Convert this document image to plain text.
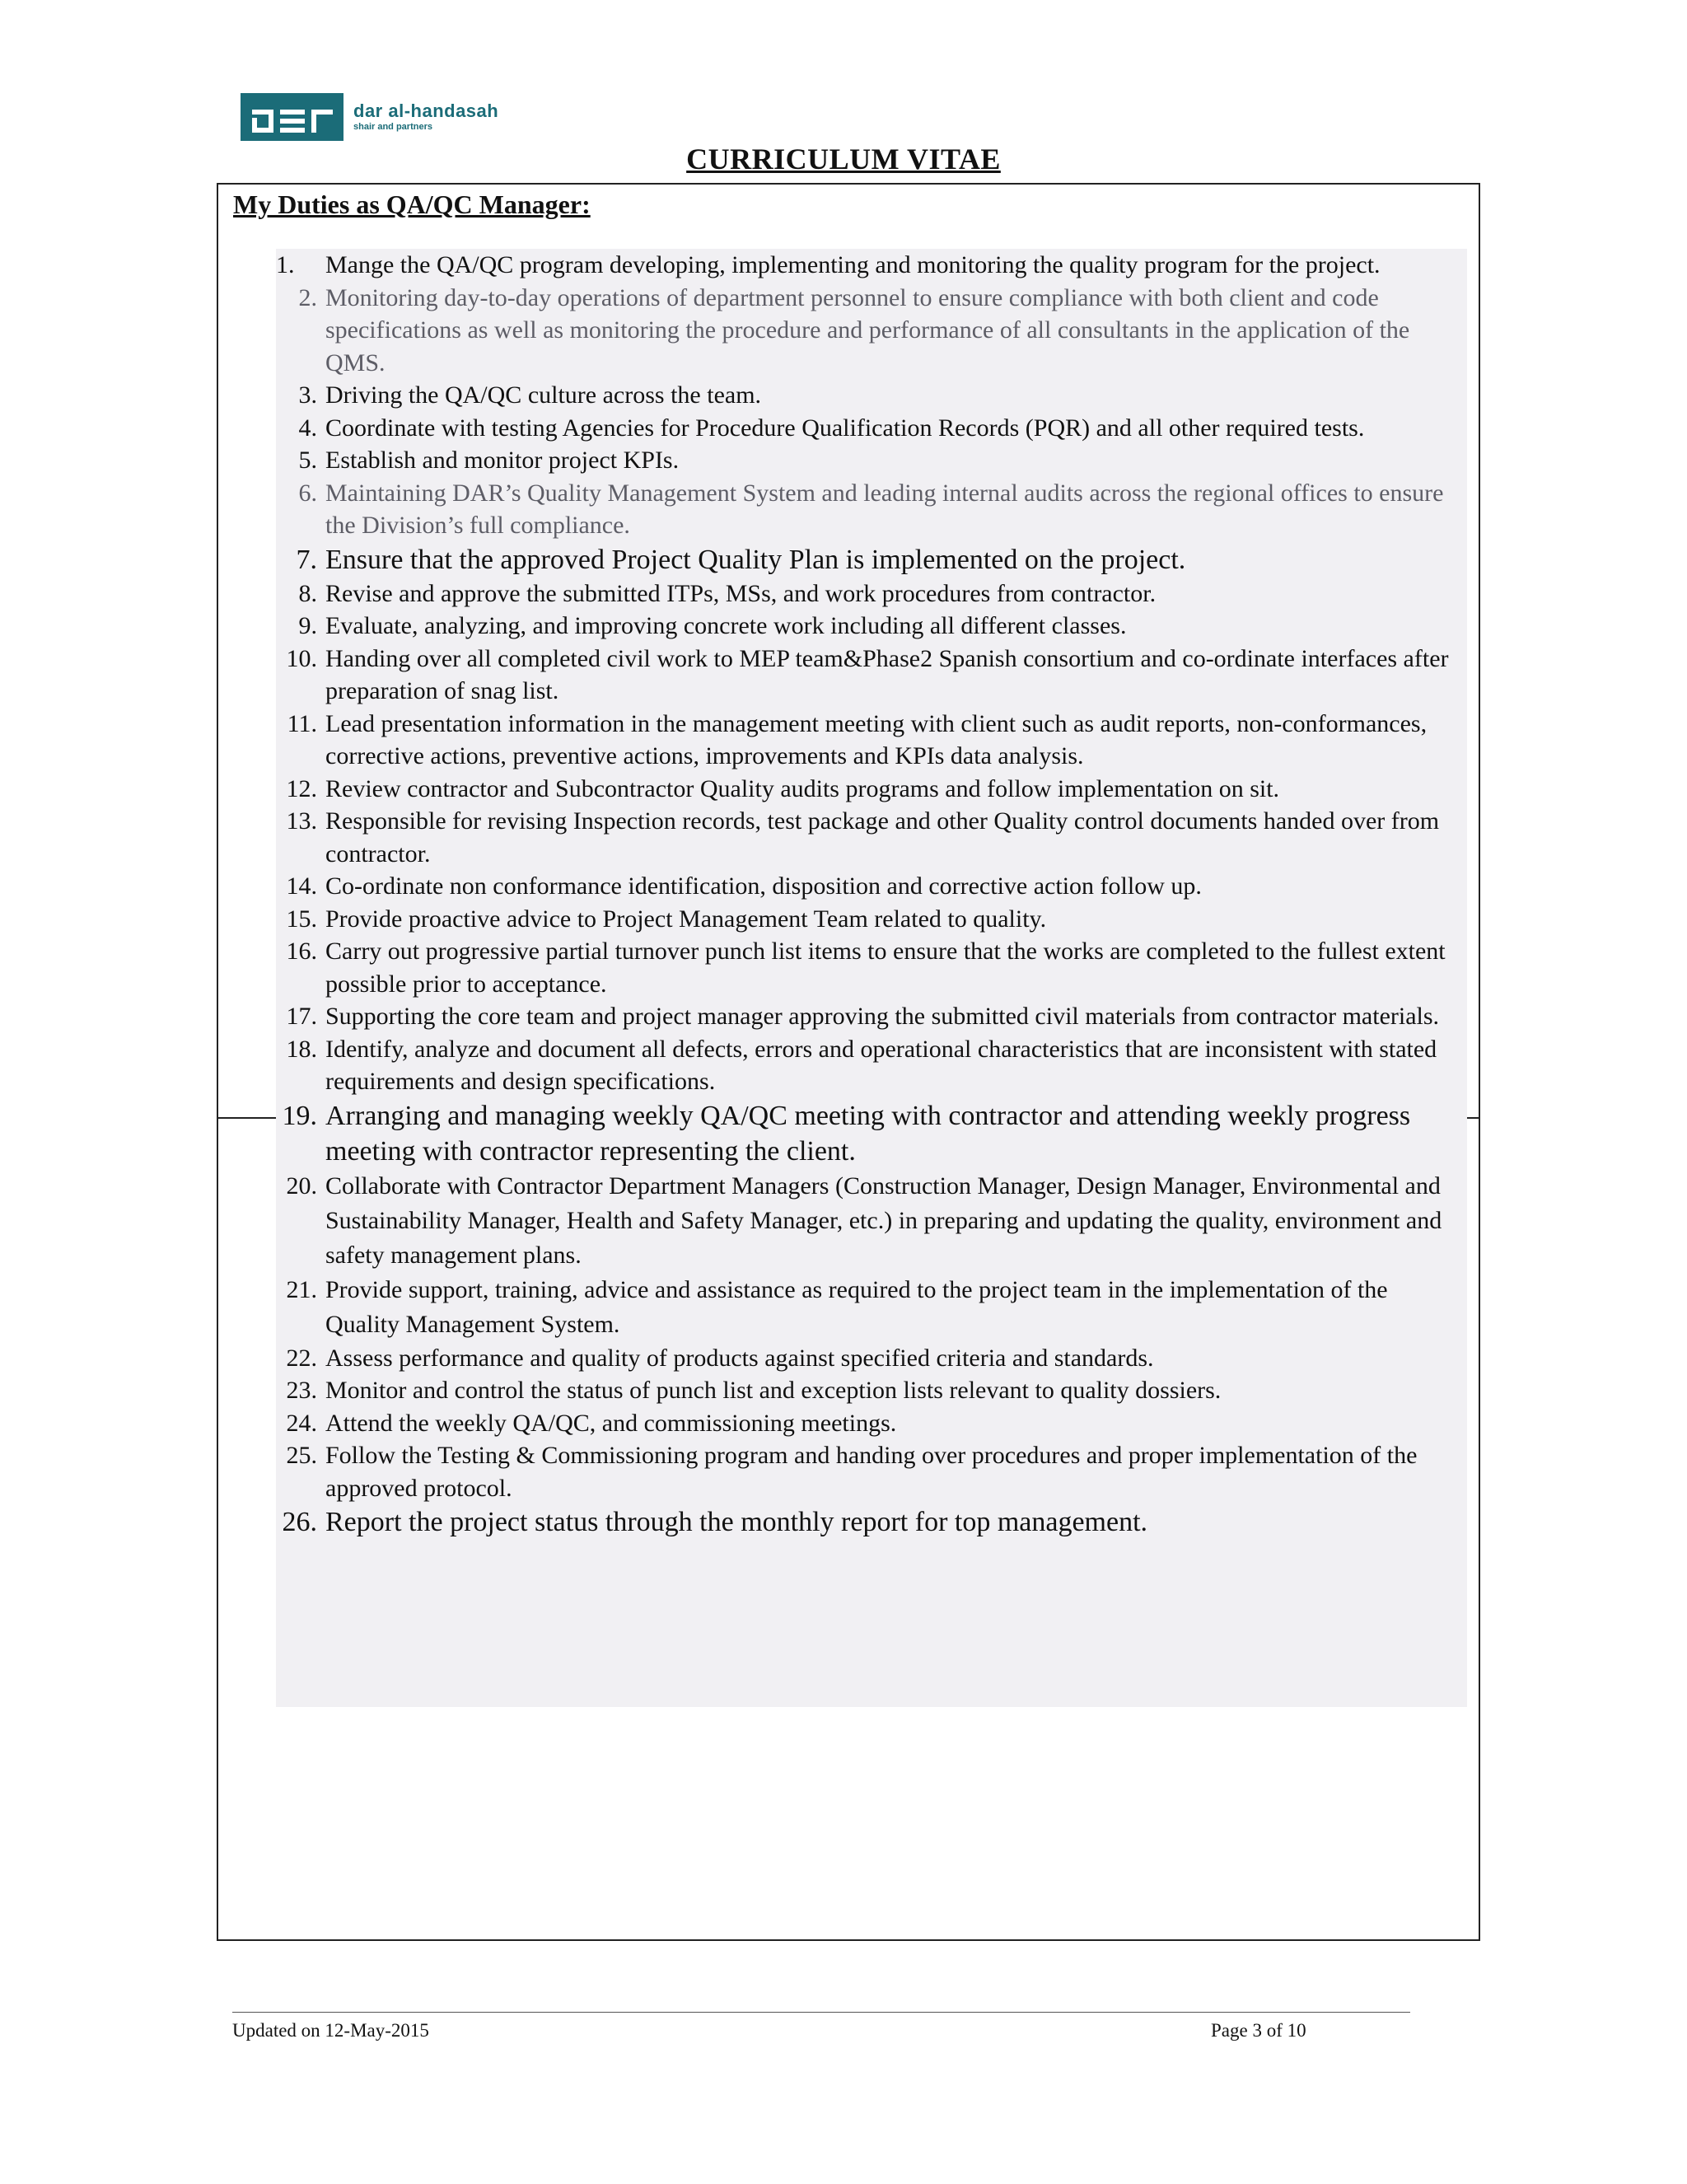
dar al-handasah
shair and partners
CURRICULUM VITAE
My Duties as QA/QC Manager:
1.	Mange the QA/QC program developing, implementing and monitoring the quality program for the project.
2. Monitoring day-to-day operations of department personnel to ensure compliance with both client and code specifications as well as monitoring the procedure and performance of all consultants in the application of the QMS.
3. Driving the QA/QC culture across the team.
4. Coordinate with testing Agencies for Procedure Qualification Records (PQR) and all other required tests.
5. Establish and monitor project KPIs.
6. Maintaining DAR’s Quality Management System and leading internal audits across the regional offices to ensure the Division’s full compliance.
7. Ensure that the approved Project Quality Plan is implemented on the project.
8. Revise and approve the submitted ITPs, MSs, and work procedures from contractor.
9. Evaluate, analyzing, and improving concrete work including all different classes.
10. Handing over all completed civil work to MEP team&Phase2 Spanish consortium and co-ordinate interfaces after preparation of snag list.
11. Lead presentation information in the management meeting with client such as audit reports, non-conformances, corrective actions, preventive actions, improvements and KPIs data analysis.
12. Review contractor and Subcontractor Quality audits programs and follow implementation on sit.
13. Responsible for revising Inspection records, test package and other Quality control documents handed over from contractor.
14. Co-ordinate non conformance identification, disposition and corrective action follow up.
15. Provide proactive advice to Project Management Team related to quality.
16. Carry out progressive partial turnover punch list items to ensure that the works are completed to the fullest extent possible prior to acceptance.
17. Supporting the core team and project manager approving the submitted civil materials from contractor materials.
18. Identify, analyze and document all defects, errors and operational characteristics that are inconsistent with stated requirements and design specifications.
19. Arranging and managing weekly QA/QC meeting with contractor and attending weekly progress meeting with contractor representing the client.
20. Collaborate with Contractor Department Managers (Construction Manager, Design Manager, Environmental and Sustainability Manager, Health and Safety Manager, etc.) in preparing and updating the quality, environment and safety management plans.
21. Provide support, training, advice and assistance as required to the project team in the implementation of the Quality Management System.
22. Assess performance and quality of products against specified criteria and standards.
23. Monitor and control the status of punch list and exception lists relevant to quality dossiers.
24. Attend the weekly QA/QC, and commissioning meetings.
25. Follow the Testing & Commissioning program and handing over procedures and proper implementation of the approved protocol.
26. Report the project status through the monthly report for top management.
Updated on 12-May-2015	Page 3 of 10
